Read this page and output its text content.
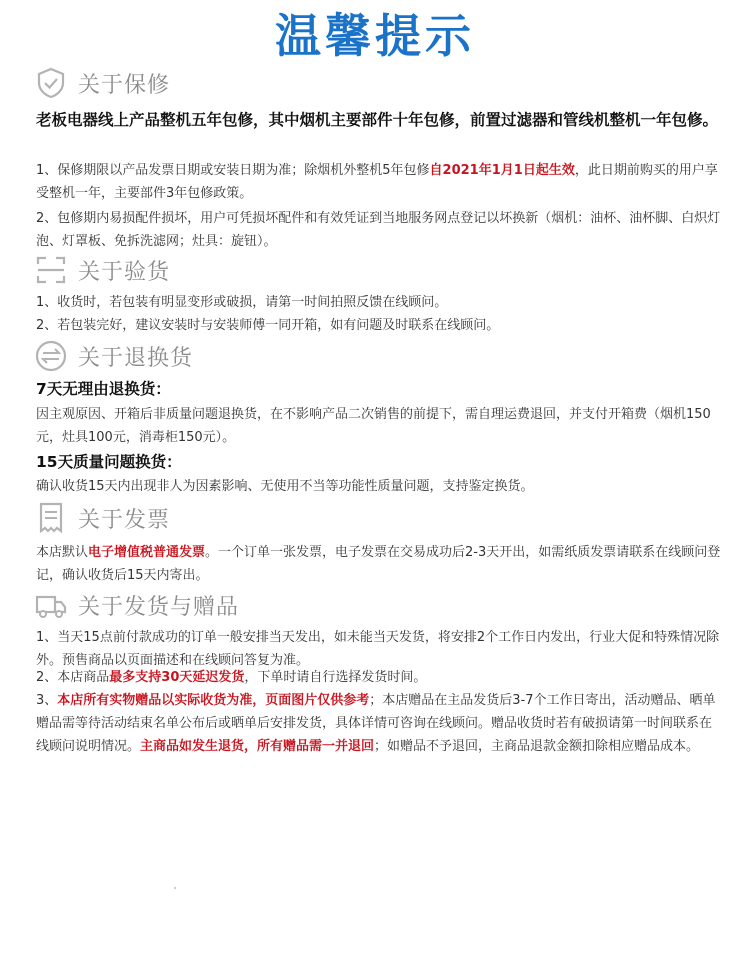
温馨提示
关于保修
老板电器线上产品整机五年包修，其中烟机主要部件十年包修，前置过滤器和管线机整机一年包修。
1、保修期限以产品发票日期或安装日期为准；除烟机外整机5年包修自2021年1月1日起生效，此日期前购买的用户享受整机一年，主要部件3年包修政策。
2、包修期内易损配件损坏，用户可凭损坏配件和有效凭证到当地服务网点登记以坏换新（烟机：油杯、油杯脚、白炽灯泡、灯罩板、免拆洗滤网；灶具：旋钮）。
关于验货
1、收货时，若包装有明显变形或破损，请第一时间拍照反馈在线顾问。
2、若包装完好，建议安装时与安装师傅一同开箱，如有问题及时联系在线顾问。
关于退换货
7天无理由退换货：
因主观原因、开箱后非质量问题退换货，在不影响产品二次销售的前提下，需自理运费退回，并支付开箱费（烟机150元，灶具100元，消毒柜150元）。
15天质量问题换货：
确认收货15天内出现非人为因素影响、无使用不当等功能性质量问题，支持鉴定换货。
关于发票
本店默认电子增值税普通发票。一个订单一张发票，电子发票在交易成功后2-3天开出，如需纸质发票请联系在线顾问登记，确认收货后15天内寄出。
关于发货与赠品
1、当天15点前付款成功的订单一般安排当天发出，如未能当天发货，将安排2个工作日内发出，行业大促和特殊情况除外。预售商品以页面描述和在线顾问答复为准。
2、本店商品最多支持30天延迟发货，下单时请自行选择发货时间。
3、本店所有实物赠品以实际收货为准，页面图片仅供参考；本店赠品在主品发货后3-7个工作日寄出，活动赠品、晒单赠品需等待活动结束名单公布后或晒单后安排发货，具体详情可咨询在线顾问。赠品收货时若有破损请第一时间联系在线顾问说明情况。主商品如发生退货，所有赠品需一并退回；如赠品不予退回，主商品退款金额扣除相应赠品成本。
